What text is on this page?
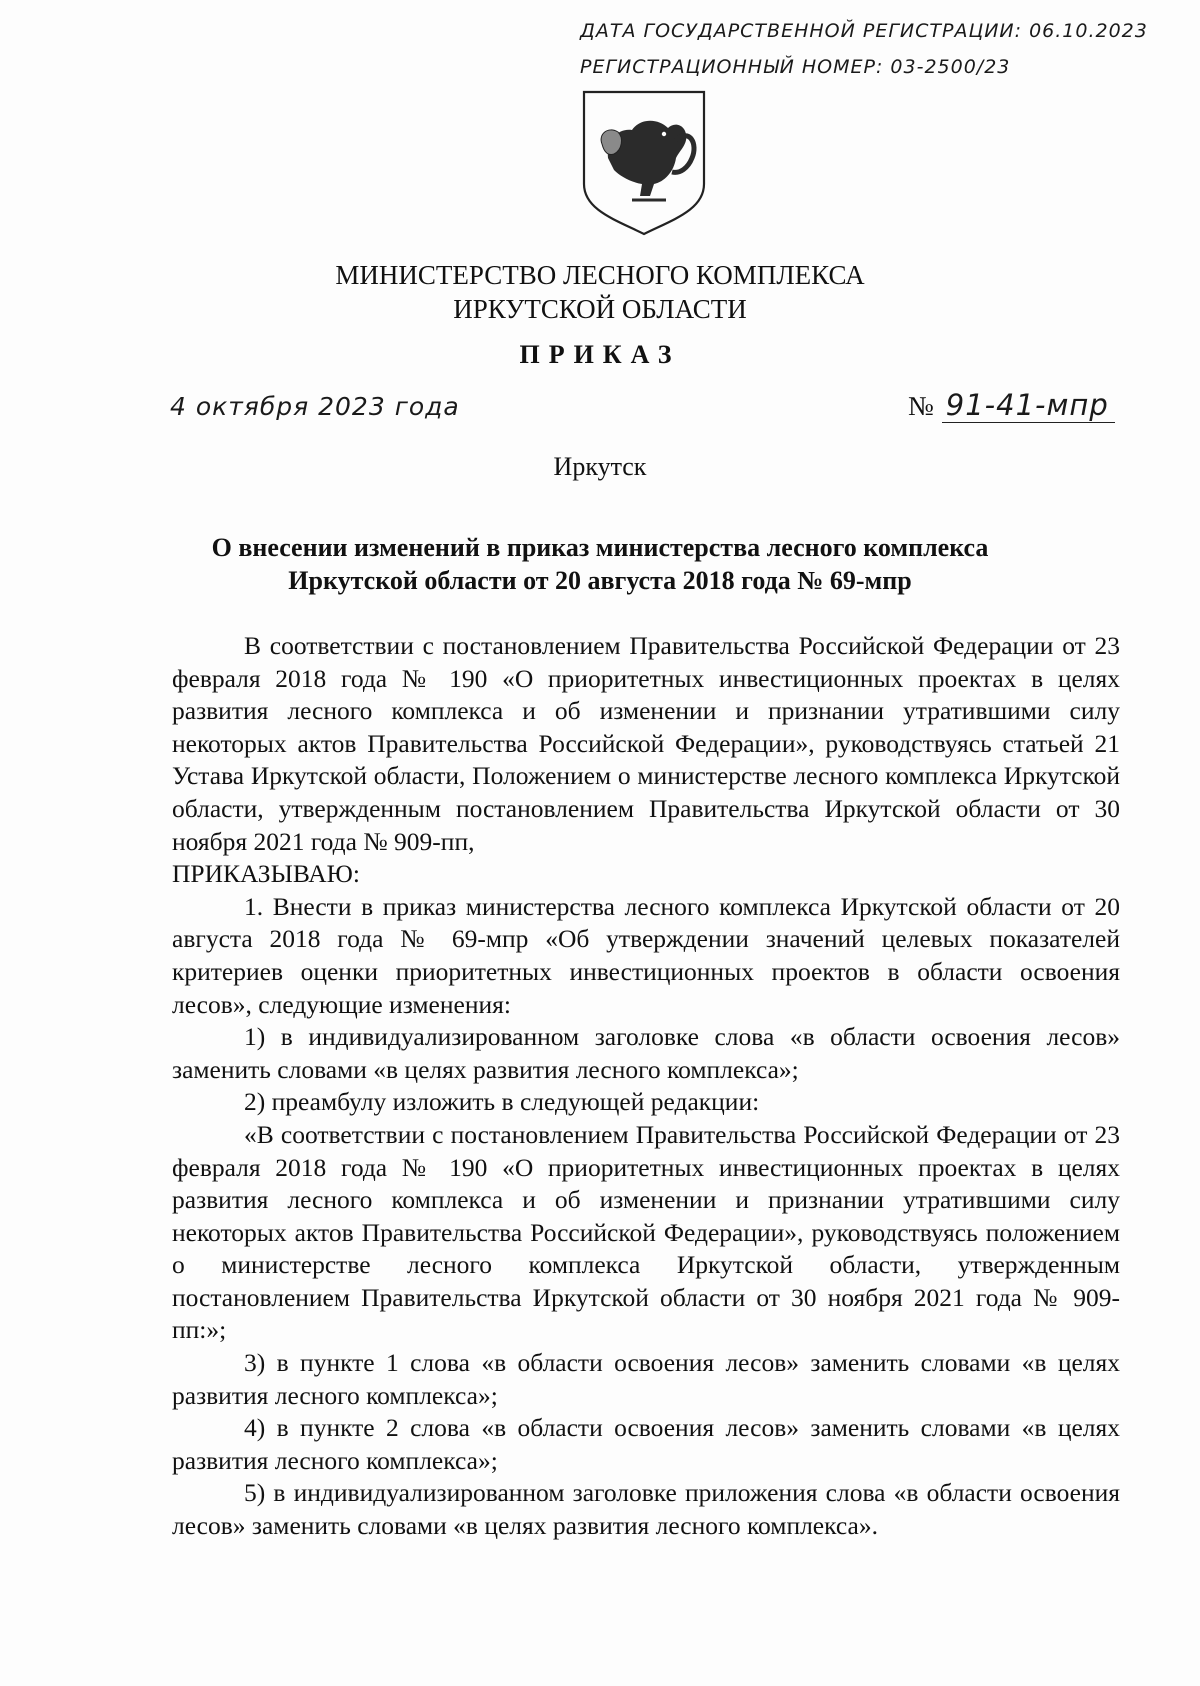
ДАТА ГОСУДАРСТВЕННОЙ РЕГИСТРАЦИИ: 06.10.2023
РЕГИСТРАЦИОННЫЙ НОМЕР: 03-2500/23
МИНИСТЕРСТВО ЛЕСНОГО КОМПЛЕКСА
ИРКУТСКОЙ ОБЛАСТИ
ПРИКАЗ
4 октября 2023 года	№ 91-41-мпр
Иркутск
О внесении изменений в приказ министерства лесного комплекса
Иркутской области от 20 августа 2018 года № 69-мпр

В соответствии с постановлением Правительства Российской Федерации от 23 февраля 2018 года № 190 «О приоритетных инвестиционных проектах в целях развития лесного комплекса и об изменении и признании утратившими силу некоторых актов Правительства Российской Федерации», руководствуясь статьей 21 Устава Иркутской области, Положением о министерстве лесного комплекса Иркутской области, утвержденным постановлением Правительства Иркутской области от 30 ноября 2021 года № 909-пп,

ПРИКАЗЫВАЮ:

1. Внести в приказ министерства лесного комплекса Иркутской области от 20 августа 2018 года № 69-мпр «Об утверждении значений целевых показателей критериев оценки приоритетных инвестиционных проектов в области освоения лесов», следующие изменения:

1) в индивидуализированном заголовке слова «в области освоения лесов» заменить словами «в целях развития лесного комплекса»;

2) преамбулу изложить в следующей редакции:

«В соответствии с постановлением Правительства Российской Федерации от 23 февраля 2018 года № 190 «О приоритетных инвестиционных проектах в целях развития лесного комплекса и об изменении и признании утратившими силу некоторых актов Правительства Российской Федерации», руководствуясь положением о министерстве лесного комплекса Иркутской области, утвержденным постановлением Правительства Иркутской области от 30 ноября 2021 года № 909-пп:»;

3) в пункте 1 слова «в области освоения лесов» заменить словами «в целях развития лесного комплекса»;

4) в пункте 2 слова «в области освоения лесов» заменить словами «в целях развития лесного комплекса»;

5) в индивидуализированном заголовке приложения слова «в области освоения лесов» заменить словами «в целях развития лесного комплекса».
